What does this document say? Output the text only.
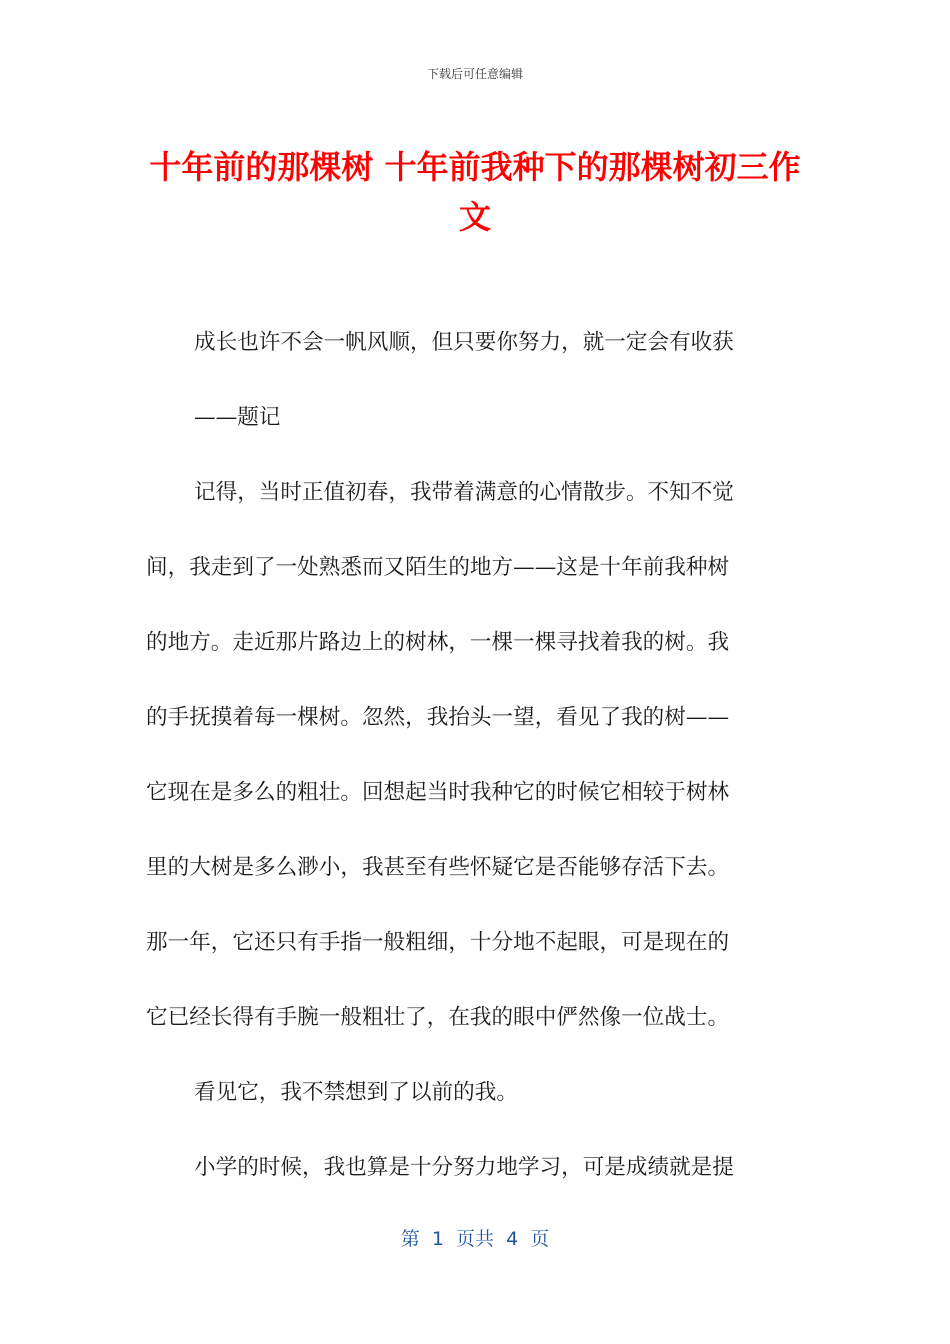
下载后可任意编辑
十年前的那棵树 十年前我种下的那棵树初三作文
成长也许不会一帆风顺，但只要你努力，就一定会有收获
——题记
记得，当时正值初春，我带着满意的心情散步。不知不觉
间，我走到了一处熟悉而又陌生的地方——这是十年前我种树
的地方。走近那片路边上的树林，一棵一棵寻找着我的树。我
的手抚摸着每一棵树。忽然，我抬头一望，看见了我的树——
它现在是多么的粗壮。回想起当时我种它的时候它相较于树林
里的大树是多么渺小，我甚至有些怀疑它是否能够存活下去。
那一年，它还只有手指一般粗细，十分地不起眼，可是现在的
它已经长得有手腕一般粗壮了，在我的眼中俨然像一位战士。
看见它，我不禁想到了以前的我。
小学的时候，我也算是十分努力地学习，可是成绩就是提
第  1  页共  4  页
